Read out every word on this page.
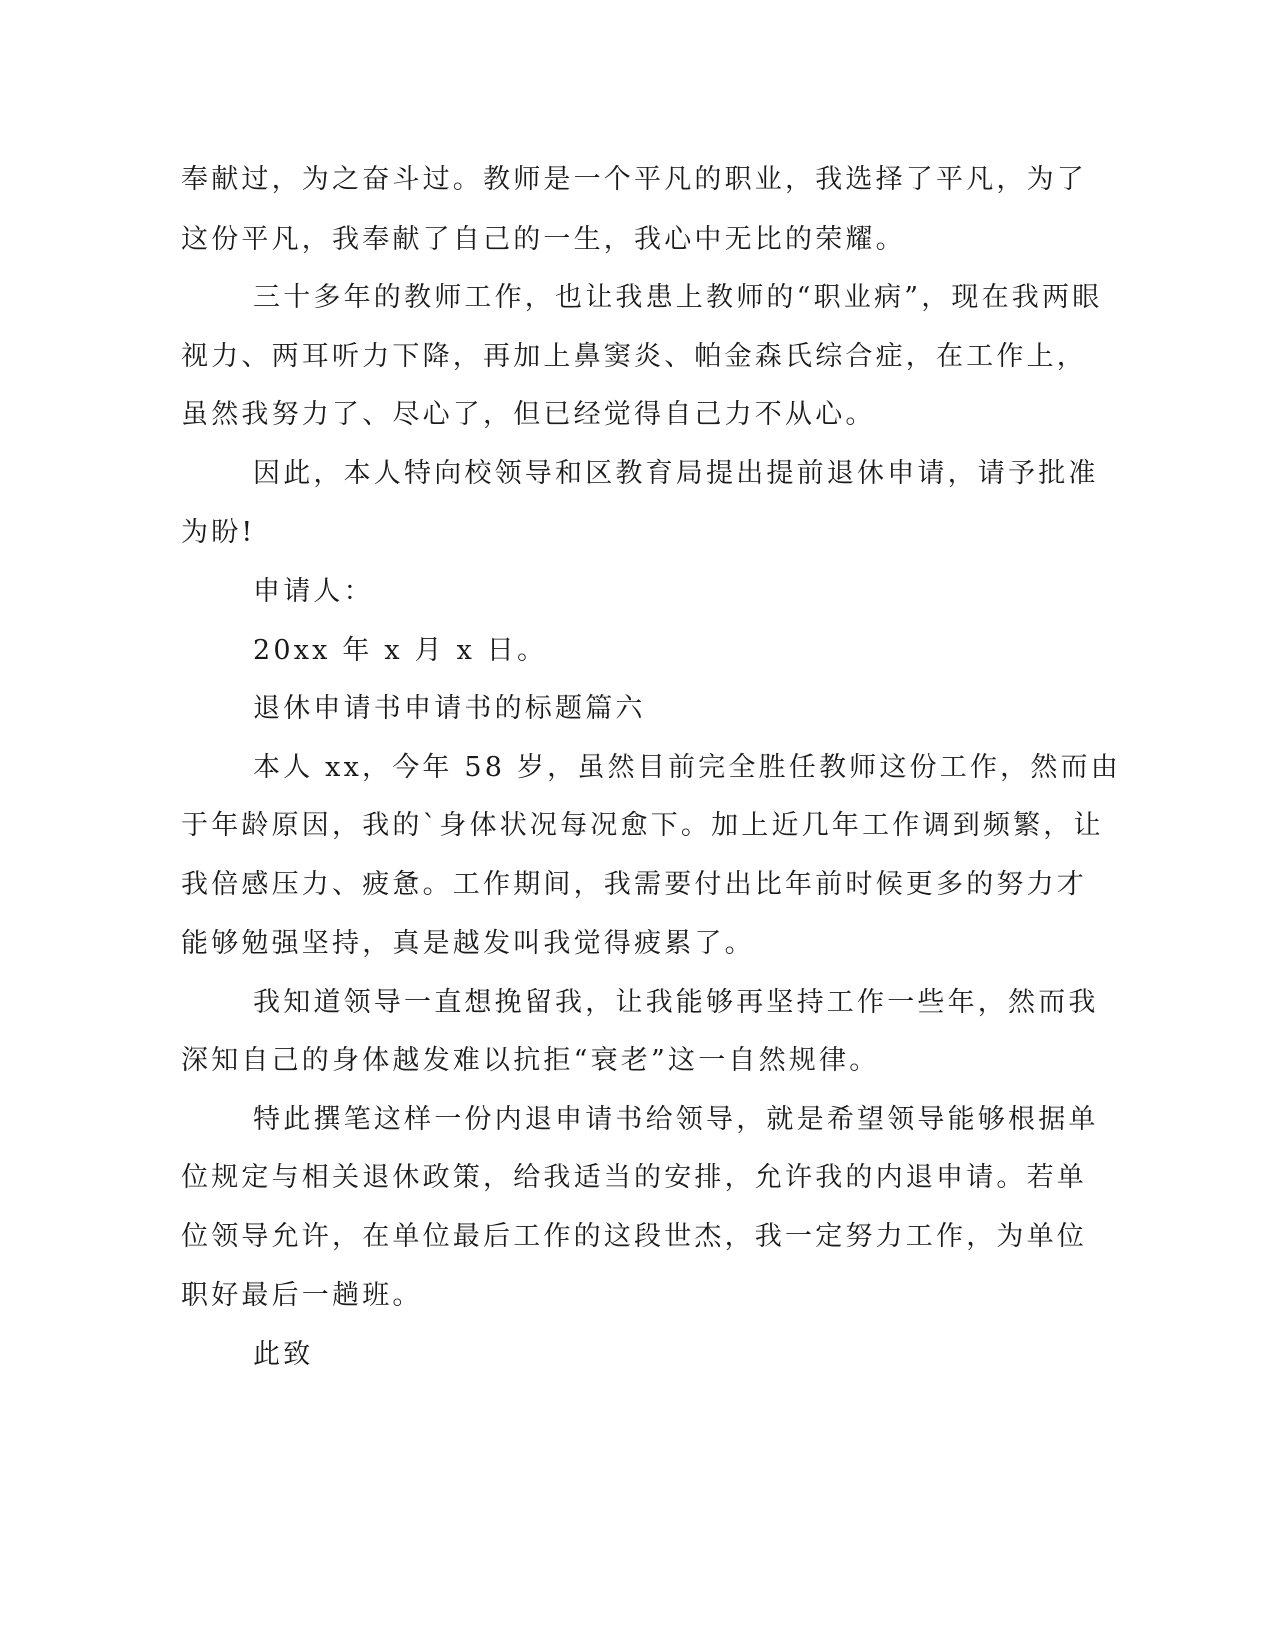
奉献过，为之奋斗过。教师是一个平凡的职业，我选择了平凡，为了
这份平凡，我奉献了自己的一生，我心中无比的荣耀。
三十多年的教师工作，也让我患上教师的“职业病”，现在我两眼
视力、两耳听力下降，再加上鼻窦炎、帕金森氏综合症，在工作上，
虽然我努力了、尽心了，但已经觉得自己力不从心。
因此，本人特向校领导和区教育局提出提前退休申请，请予批准
为盼!
申请人：
20xx 年 x 月 x 日。
退休申请书申请书的标题篇六
本人 xx，今年 58 岁，虽然目前完全胜任教师这份工作，然而由
于年龄原因，我的`身体状况每况愈下。加上近几年工作调到频繁，让
我倍感压力、疲惫。工作期间，我需要付出比年前时候更多的努力才
能够勉强坚持，真是越发叫我觉得疲累了。
我知道领导一直想挽留我，让我能够再坚持工作一些年，然而我
深知自己的身体越发难以抗拒“衰老”这一自然规律。
特此撰笔这样一份内退申请书给领导，就是希望领导能够根据单
位规定与相关退休政策，给我适当的安排，允许我的内退申请。若单
位领导允许，在单位最后工作的这段世杰，我一定努力工作，为单位
职好最后一趟班。
此致
